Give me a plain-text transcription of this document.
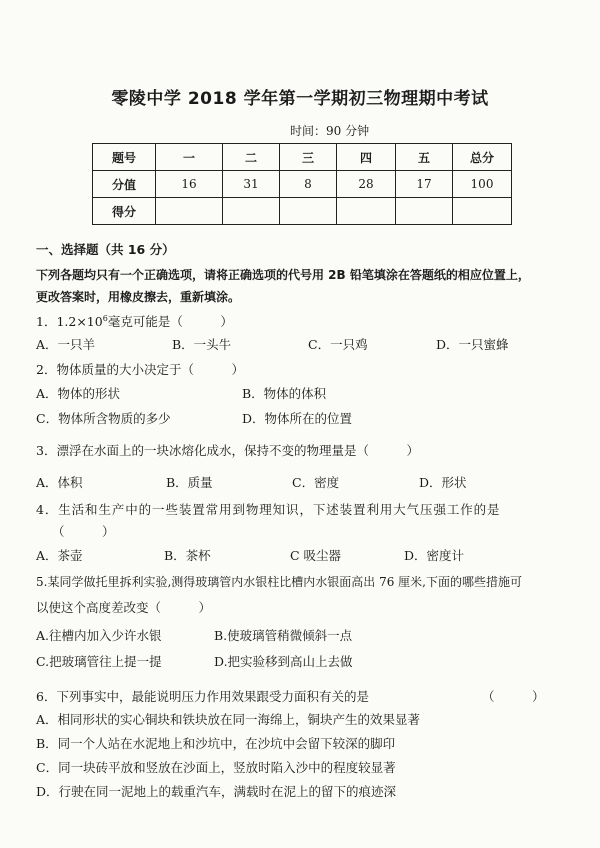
零陵中学 2018 学年第一学期初三物理期中考试
时间：90 分钟
题号	一	二	三	四	五	总分
分值	16	31	8	28	17	100
得分						
一、选择题（共 16 分）
下列各题均只有一个正确选项，请将正确选项的代号用 2B 铅笔填涂在答题纸的相应位置上，
更改答案时，用橡皮擦去，重新填涂。
1．$1.2\times 10^6$毫克可能是（　　　）
A．一只羊	B．一头牛	C．一只鸡	D．一只蜜蜂
2．物体质量的大小决定于（　　　）
A．物体的形状	B．物体的体积
C．物体所含物质的多少	D．物体所在的位置
3．漂浮在水面上的一块冰熔化成水，保持不变的物理量是（　　　）
A．体积	B．质量	C．密度	D．形状
4．生活和生产中的一些装置常用到物理知识，下述装置利用大气压强工作的是
（　　　）
A．茶壶	B．茶杯	C 吸尘器	D．密度计
5.某同学做托里拆利实验,测得玻璃管内水银柱比槽内水银面高出 76 厘米,下面的哪些措施可
以使这个高度差改变（　　　）
A.往槽内加入少许水银	B.使玻璃管稍微倾斜一点
C.把玻璃管往上提一提	D.把实验移到高山上去做
6．下列事实中，最能说明压力作用效果跟受力面积有关的是	（　　　）
A．相同形状的实心铜块和铁块放在同一海绵上，铜块产生的效果显著
B．同一个人站在水泥地上和沙坑中，在沙坑中会留下较深的脚印
C．同一块砖平放和竖放在沙面上，竖放时陷入沙中的程度较显著
D．行驶在同一泥地上的载重汽车，满载时在泥上的留下的痕迹深
